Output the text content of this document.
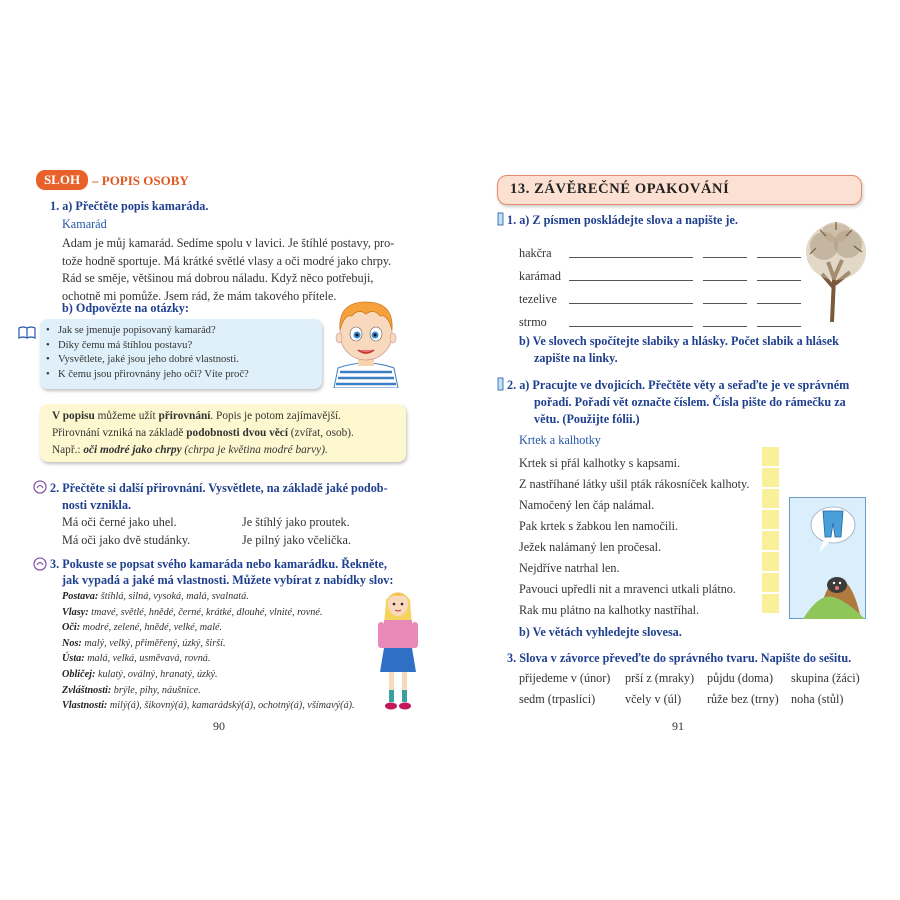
SLOH – POPIS OSOBY
1. a) Přečtěte popis kamaráda.
Kamarád
Adam je můj kamarád. Sedíme spolu v lavici. Je štíhlé postavy, pro-
tože hodně sportuje. Má krátké světlé vlasy a oči modré jako chrpy.
Rád se směje, většinou má dobrou náladu. Když něco potřebuji,
ochotně mi pomůže. Jsem rád, že mám takového přítele.
b) Odpovězte na otázky:
• Jak se jmenuje popisovaný kamarád?
• Díky čemu má štíhlou postavu?
• Vysvětlete, jaké jsou jeho dobré vlastnosti.
• K čemu jsou přirovnány jeho oči? Víte proč?
V popisu můžeme užít přirovnání. Popis je potom zajímavější.
Přirovnání vzniká na základě podobnosti dvou věcí (zvířat, osob).
Např.: oči modré jako chrpy (chrpa je květina modré barvy).
2. Přečtěte si další přirovnání. Vysvětlete, na základě jaké podob-
nosti vznikla.
Má oči černé jako uhel.
Má oči jako dvě studánky.
Je štíhlý jako proutek.
Je pilný jako včelička.
3. Pokuste se popsat svého kamaráda nebo kamarádku. Řekněte,
jak vypadá a jaké má vlastnosti. Můžete vybírat z nabídky slov:
Postava: štíhlá, silná, vysoká, malá, svalnatá.
Vlasy: tmavé, světlé, hnědé, černé, krátké, dlouhé, vlnité, rovné.
Oči: modré, zelené, hnědé, velké, malé.
Nos: malý, velký, přiměřený, úzký, širší.
Ústa: malá, velká, usměvavá, rovná.
Obličej: kulatý, oválný, hranatý, úzký.
Zvláštnosti: brýle, pihy, náušnice.
Vlastnosti: milý(á), šikovný(á), kamarádský(á), ochotný(á), všímavý(á).
90
13. ZÁVĚREČNÉ OPAKOVÁNÍ
1. a) Z písmen poskládejte slova a napište je.
hakčra
karámad
tezelive
strmo
b) Ve slovech spočítejte slabiky a hlásky. Počet slabik a hlásek
zapište na linky.
2. a) Pracujte ve dvojicích. Přečtěte věty a seřaďte je ve správném
pořadí. Pořadí vět označte číslem. Čísla pište do rámečku za
větu. (Použijte fólii.)
Krtek a kalhotky
Krtek si přál kalhotky s kapsami.
Z nastříhané látky ušil pták rákosníček kalhoty.
Namočený len čáp nalámal.
Pak krtek s žabkou len namočili.
Ježek nalámaný len pročesal.
Nejdříve natrhal len.
Pavouci upředli nit a mravenci utkali plátno.
Rak mu plátno na kalhotky nastříhal.
b) Ve větách vyhledejte slovesa.
3. Slova v závorce převeďte do správného tvaru. Napište do sešitu.
přijedeme v (únor) prší z (mraky) půjdu (doma) skupina (žáci)
sedm (trpaslíci) včely v (úl) růže bez (trny) noha (stůl)
91
